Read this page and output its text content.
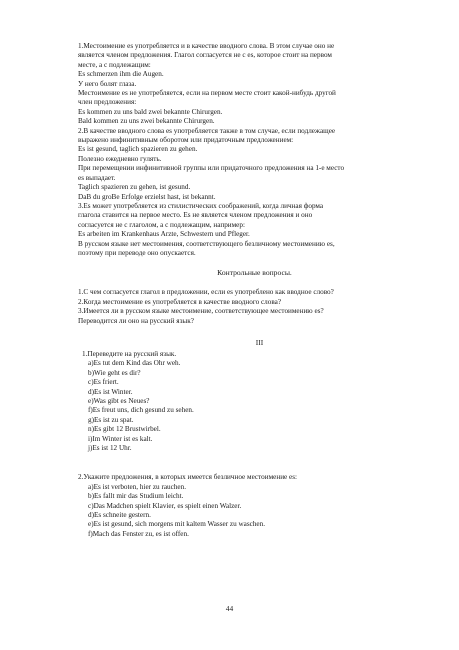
1.Местоимение es употребляется и в качестве вводного слова. В этом случае оно не
является членом предложения. Глагол согласуется не с es, которое стоит на первом
месте, а с подлежащим:
Es schmerzen ihm die Augen.
У него болят глаза.
Местоимение es не употребляется, если на первом месте стоит какой-нибудь другой
член предложения:
Es kommen zu uns bald zwei bekannte Chirurgen.
Bald kommen zu uns zwei bekannte Chirurgen.
2.В качестве вводного слова es употребляется также в том случае, если подлежащее
выражено инфинитивным оборотом или придаточным предложением:
Es ist gesund, taglich spazieren zu gehen.
Полезно ежедневно гулять.
При перемещении инфинитивной группы или придаточного предложения на 1-е место
es выпадает.
Taglich spazieren zu gehen, ist gesund.
DaB du groBe Erfolge erzielst hast, ist bekannt.
3.Es может употребляется из стилистических соображений, когда личная форма
глагола ставится на первое место. Es не является членом предложения и оно
согласуется не с глаголом, а с подлежащим, например:
Es arbeiten im Krankenhaus Arzte, Schwestern und Pfleger.
В русском языке нет местоимения, соответствующего безличному местоимению es,
поэтому при переводе оно опускается.
Контрольные вопросы.
1.С чем согласуется глагол в предложении, если es употреблено как вводное слово?
2.Когда местоимение es употребляется в качестве вводного слова?
3.Имеется ли в русском языке местоимение, соответствующее местоимению es?
Переводится ли оно на русский язык?
III
1.Переведите на русский язык.
a)Es tut dem Kind das Ohr weh.
b)Wie geht es dir?
c)Es friert.
d)Es ist Winter.
e)Was gibt es Neues?
f)Es freut uns, dich gesund zu sehen.
g)Es ist zu spat.
n)Es gibt 12 Brustwirbel.
i)Im Winter ist es kalt.
j)Es ist 12 Uhr.
2.Укажите предложения, в которых имеется безличное местоимение es:
a)Es ist verboten, hier zu rauchen.
b)Es fallt mir das Studium leicht.
c)Das Madchen spielt Klavier, es spielt einen Walzer.
d)Es schneite gestern.
e)Es ist gesund, sich morgens mit kaltem Wasser zu waschen.
f)Mach das Fenster zu, es ist offen.
44
